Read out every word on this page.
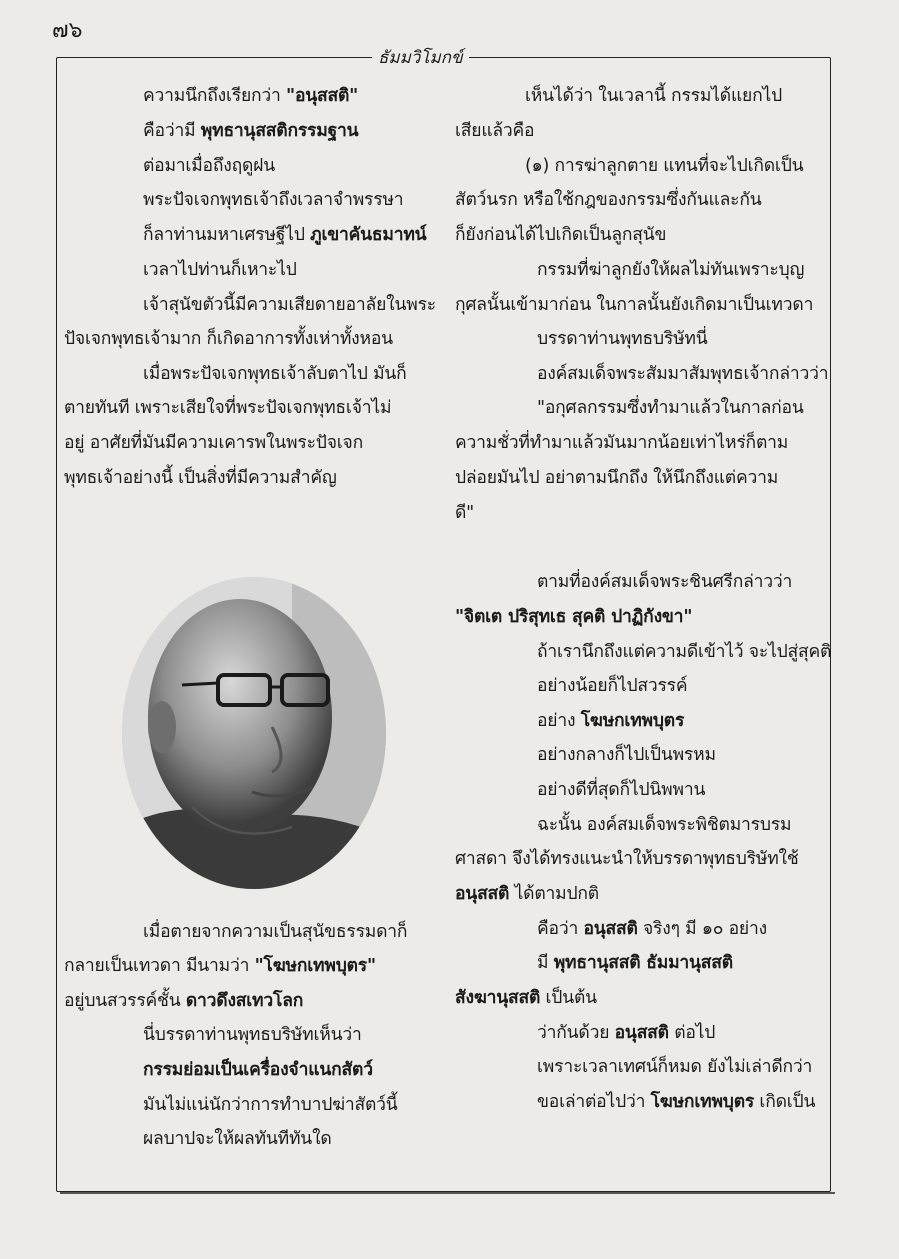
๗๖
ธัมมวิโมกข์
ความนึกถึงเรียกว่า "อนุสสติ"
คือว่ามี พุทธานุสสติกรรมฐาน
ต่อมาเมื่อถึงฤดูฝน
พระปัจเจกพุทธเจ้าถึงเวลาจำพรรษา
ก็ลาท่านมหาเศรษฐีไป ภูเขาคันธมาทน์
เวลาไปท่านก็เหาะไป
เจ้าสุนัขตัวนี้มีความเสียดายอาลัยในพระ
ปัจเจกพุทธเจ้ามาก ก็เกิดอาการทั้งเห่าทั้งหอน
เมื่อพระปัจเจกพุทธเจ้าลับตาไป มันก็
ตายทันที เพราะเสียใจที่พระปัจเจกพุทธเจ้าไม่
อยู่ อาศัยที่มันมีความเคารพในพระปัจเจก
พุทธเจ้าอย่างนี้ เป็นสิ่งที่มีความสำคัญ
เมื่อตายจากความเป็นสุนัขธรรมดาก็
กลายเป็นเทวดา มีนามว่า "โฆษกเทพบุตร"
อยู่บนสวรรค์ชั้น ดาวดึงสเทวโลก
นี่บรรดาท่านพุทธบริษัทเห็นว่า
กรรมย่อมเป็นเครื่องจำแนกสัตว์
มันไม่แน่นักว่าการทำบาปฆ่าสัตว์นี้
ผลบาปจะให้ผลทันทีทันใด
เห็นได้ว่า ในเวลานี้ กรรมได้แยกไป
เสียแล้วคือ
(๑) การฆ่าลูกตาย แทนที่จะไปเกิดเป็น
สัตว์นรก หรือใช้กฎของกรรมซึ่งกันและกัน
ก็ยังก่อนได้ไปเกิดเป็นลูกสุนัข
กรรมที่ฆ่าลูกยังให้ผลไม่ทันเพราะบุญ
กุศลนั้นเข้ามาก่อน ในกาลนั้นยังเกิดมาเป็นเทวดา
บรรดาท่านพุทธบริษัทนี่
องค์สมเด็จพระสัมมาสัมพุทธเจ้ากล่าวว่า
"อกุศลกรรมซึ่งทำมาแล้วในกาลก่อน
ความชั่วที่ทำมาแล้วมันมากน้อยเท่าไหร่ก็ตาม
ปล่อยมันไป อย่าตามนึกถึง ให้นึกถึงแต่ความ
ดี"
ตามที่องค์สมเด็จพระชินศรีกล่าวว่า
"จิตเต ปริสุทเธ สุคติ ปาฏิกังขา"
ถ้าเรานึกถึงแต่ความดีเข้าไว้ จะไปสู่สุคติ
อย่างน้อยก็ไปสวรรค์
อย่าง โฆษกเทพบุตร
อย่างกลางก็ไปเป็นพรหม
อย่างดีที่สุดก็ไปนิพพาน
ฉะนั้น องค์สมเด็จพระพิชิตมารบรม
ศาสดา จึงได้ทรงแนะนำให้บรรดาพุทธบริษัทใช้
อนุสสติ ได้ตามปกติ
คือว่า อนุสสติ จริงๆ มี ๑๐ อย่าง
มี พุทธานุสสติ ธัมมานุสสติ
สังฆานุสสติ เป็นต้น
ว่ากันด้วย อนุสสติ ต่อไป
เพราะเวลาเทศน์ก็หมด ยังไม่เล่าดีกว่า
ขอเล่าต่อไปว่า โฆษกเทพบุตร เกิดเป็น
